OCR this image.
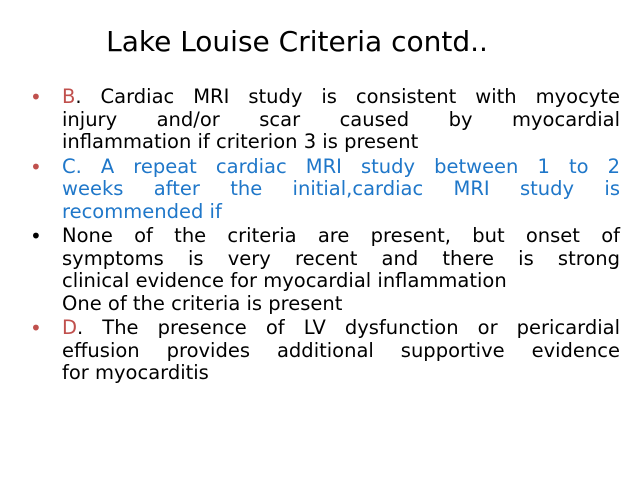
Lake Louise Criteria contd..
• B. Cardiac MRI study is consistent with myocyte
injury and/or scar caused by myocardial
inflammation if criterion 3 is present
• C. A repeat cardiac MRI study between 1 to 2
weeks after the initial,cardiac MRI study is
recommended if
• None of the criteria are present, but onset of
symptoms is very recent and there is strong
clinical evidence for myocardial inflammation
One of the criteria is present
• D. The presence of LV dysfunction or pericardial
effusion provides additional supportive evidence
for myocarditis
